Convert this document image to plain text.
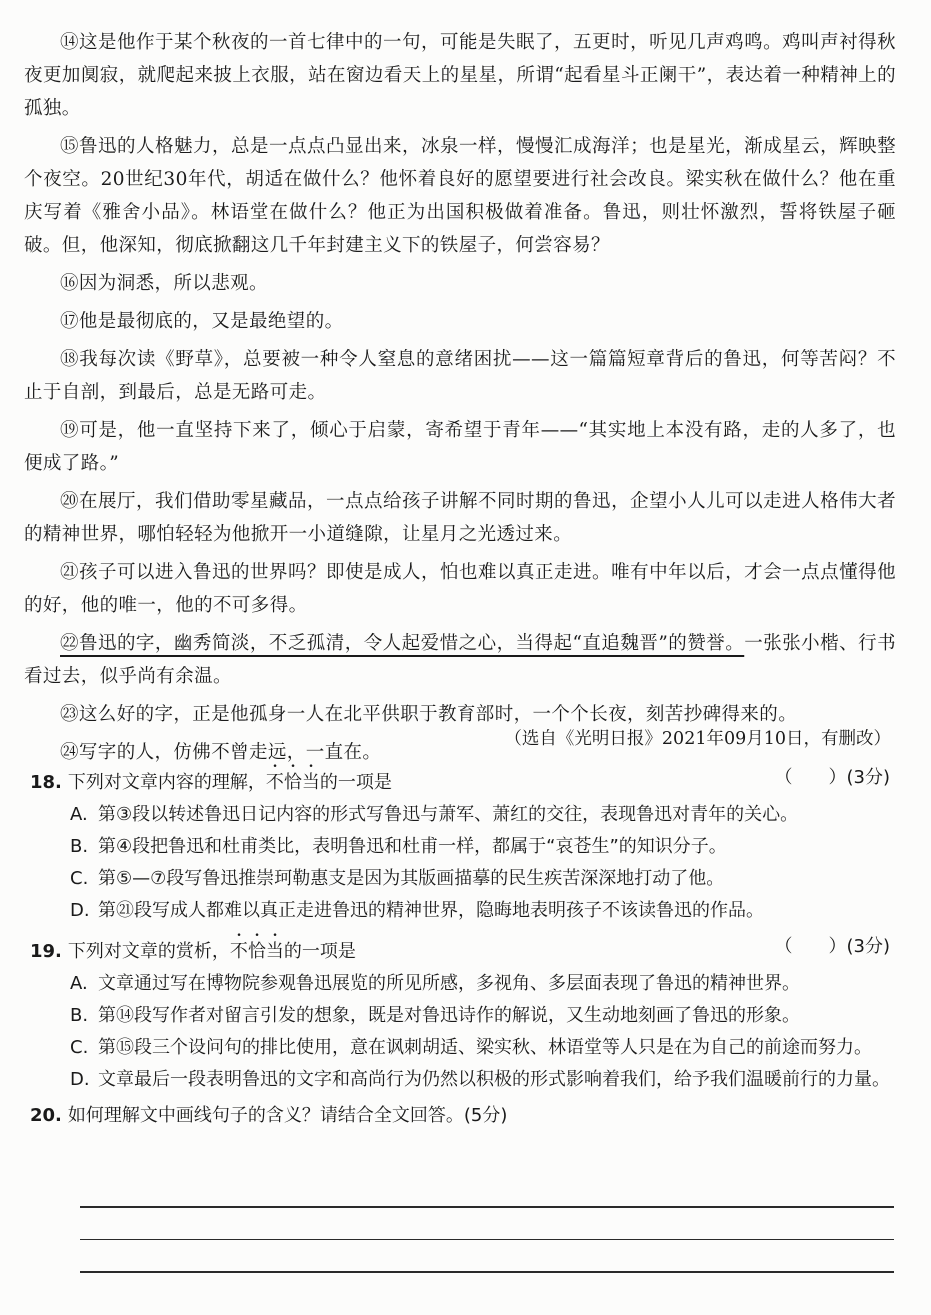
⑭这是他作于某个秋夜的一首七律中的一句，可能是失眠了，五更时，听见几声鸡鸣。鸡叫声衬得秋夜更加阒寂，就爬起来披上衣服，站在窗边看天上的星星，所谓“起看星斗正阑干”，表达着一种精神上的孤独。

⑮鲁迅的人格魅力，总是一点点凸显出来，冰泉一样，慢慢汇成海洋；也是星光，渐成星云，辉映整个夜空。20世纪30年代，胡适在做什么？他怀着良好的愿望要进行社会改良。梁实秋在做什么？他在重庆写着《雅舍小品》。林语堂在做什么？他正为出国积极做着准备。鲁迅，则壮怀激烈，誓将铁屋子砸破。但，他深知，彻底掀翻这几千年封建主义下的铁屋子，何尝容易？

⑯因为洞悉，所以悲观。

⑰他是最彻底的，又是最绝望的。

⑱我每次读《野草》，总要被一种令人窒息的意绪困扰——这一篇篇短章背后的鲁迅，何等苦闷？不止于自剖，到最后，总是无路可走。

⑲可是，他一直坚持下来了，倾心于启蒙，寄希望于青年——“其实地上本没有路，走的人多了，也便成了路。”

⑳在展厅，我们借助零星藏品，一点点给孩子讲解不同时期的鲁迅，企望小人儿可以走进人格伟大者的精神世界，哪怕轻轻为他掀开一小道缝隙，让星月之光透过来。

㉑孩子可以进入鲁迅的世界吗？即使是成人，怕也难以真正走进。唯有中年以后，才会一点点懂得他的好，他的唯一，他的不可多得。

㉒鲁迅的字，幽秀简淡，不乏孤清，令人起爱惜之心，当得起“直追魏晋”的赞誉。一张张小楷、行书看过去，似乎尚有余温。

㉓这么好的字，正是他孤身一人在北平供职于教育部时，一个个长夜，刻苦抄碑得来的。

㉔写字的人，仿佛不曾走远，一直在。

（选自《光明日报》2021年09月10日，有删改）
18. 下列对文章内容的理解，不恰当的一项是	（　　）(3分)
A. 第③段以转述鲁迅日记内容的形式写鲁迅与萧军、萧红的交往，表现鲁迅对青年的关心。
B. 第④段把鲁迅和杜甫类比，表明鲁迅和杜甫一样，都属于“哀苍生”的知识分子。
C. 第⑤—⑦段写鲁迅推崇珂勒惠支是因为其版画描摹的民生疾苦深深地打动了他。
D. 第㉑段写成人都难以真正走进鲁迅的精神世界，隐晦地表明孩子不该读鲁迅的作品。
19. 下列对文章的赏析，不恰当的一项是	（　　）(3分)
A. 文章通过写在博物院参观鲁迅展览的所见所感，多视角、多层面表现了鲁迅的精神世界。
B. 第⑭段写作者对留言引发的想象，既是对鲁迅诗作的解说，又生动地刻画了鲁迅的形象。
C. 第⑮段三个设问句的排比使用，意在讽刺胡适、梁实秋、林语堂等人只是在为自己的前途而努力。
D. 文章最后一段表明鲁迅的文字和高尚行为仍然以积极的形式影响着我们，给予我们温暖前行的力量。
20. 如何理解文中画线句子的含义？请结合全文回答。(5分)
